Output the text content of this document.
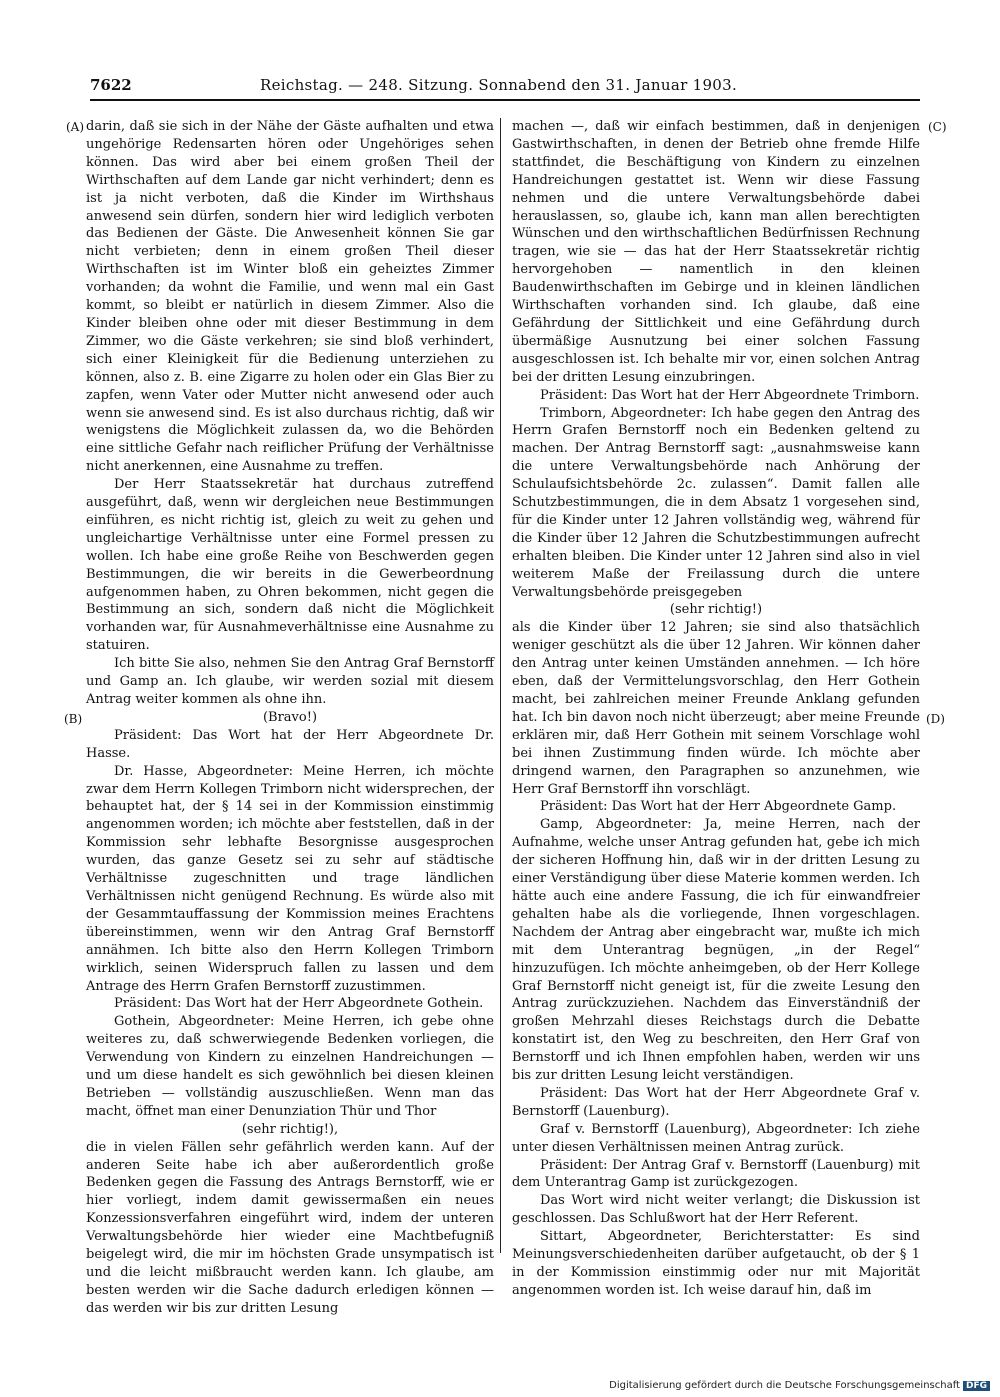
7622	Reichstag. — 248. Sitzung. Sonnabend den 31. Januar 1903.
(A)
(B)
(C)
(D)

darin, daß sie sich in der Nähe der Gäste aufhalten und etwa ungehörige Redensarten hören oder Ungehöriges sehen können. Das wird aber bei einem großen Theil der Wirthschaften auf dem Lande gar nicht verhindert; denn es ist ja nicht verboten, daß die Kinder im Wirthshaus anwesend sein dürfen, sondern hier wird lediglich verboten das Bedienen der Gäste. Die Anwesenheit können Sie gar nicht verbieten; denn in einem großen Theil dieser Wirthschaften ist im Winter bloß ein geheiztes Zimmer vorhanden; da wohnt die Familie, und wenn mal ein Gast kommt, so bleibt er natürlich in diesem Zimmer. Also die Kinder bleiben ohne oder mit dieser Bestimmung in dem Zimmer, wo die Gäste verkehren; sie sind bloß verhindert, sich einer Kleinigkeit für die Bedienung unterziehen zu können, also z. B. eine Zigarre zu holen oder ein Glas Bier zu zapfen, wenn Vater oder Mutter nicht anwesend oder auch wenn sie anwesend sind. Es ist also durchaus richtig, daß wir wenigstens die Möglichkeit zulassen da, wo die Behörden eine sittliche Gefahr nach reiflicher Prüfung der Verhältnisse nicht anerkennen, eine Ausnahme zu treffen.

Der Herr Staatssekretär hat durchaus zutreffend ausgeführt, daß, wenn wir dergleichen neue Bestimmungen einführen, es nicht richtig ist, gleich zu weit zu gehen und ungleichartige Verhältnisse unter eine Formel pressen zu wollen. Ich habe eine große Reihe von Beschwerden gegen Bestimmungen, die wir bereits in die Gewerbeordnung aufgenommen haben, zu Ohren bekommen, nicht gegen die Bestimmung an sich, sondern daß nicht die Möglichkeit vorhanden war, für Ausnahmeverhältnisse eine Ausnahme zu statuiren.

Ich bitte Sie also, nehmen Sie den Antrag Graf Bernstorff und Gamp an. Ich glaube, wir werden sozial mit diesem Antrag weiter kommen als ohne ihn.

(Bravo!)

Präsident: Das Wort hat der Herr Abgeordnete Dr. Hasse.

Dr. Hasse, Abgeordneter: Meine Herren, ich möchte zwar dem Herrn Kollegen Trimborn nicht widersprechen, der behauptet hat, der § 14 sei in der Kommission einstimmig angenommen worden; ich möchte aber feststellen, daß in der Kommission sehr lebhafte Besorgnisse ausgesprochen wurden, das ganze Gesetz sei zu sehr auf städtische Verhältnisse zugeschnitten und trage ländlichen Verhältnissen nicht genügend Rechnung. Es würde also mit der Gesammtauffassung der Kommission meines Erachtens übereinstimmen, wenn wir den Antrag Graf Bernstorff annähmen. Ich bitte also den Herrn Kollegen Trimborn wirklich, seinen Widerspruch fallen zu lassen und dem Antrage des Herrn Grafen Bernstorff zuzustimmen.

Präsident: Das Wort hat der Herr Abgeordnete Gothein.

Gothein, Abgeordneter: Meine Herren, ich gebe ohne weiteres zu, daß schwerwiegende Bedenken vorliegen, die Verwendung von Kindern zu einzelnen Handreichungen — und um diese handelt es sich gewöhnlich bei diesen kleinen Betrieben — vollständig auszuschließen. Wenn man das macht, öffnet man einer Denunziation Thür und Thor

(sehr richtig!),

die in vielen Fällen sehr gefährlich werden kann. Auf der anderen Seite habe ich aber außerordentlich große Bedenken gegen die Fassung des Antrags Bernstorff, wie er hier vorliegt, indem damit gewissermaßen ein neues Konzessionsverfahren eingeführt wird, indem der unteren Verwaltungsbehörde hier wieder eine Machtbefugniß beigelegt wird, die mir im höchsten Grade unsympatisch ist und die leicht mißbraucht werden kann. Ich glaube, am besten werden wir die Sache dadurch erledigen können — das werden wir bis zur dritten Lesung

machen —, daß wir einfach bestimmen, daß in denjenigen Gastwirthschaften, in denen der Betrieb ohne fremde Hilfe stattfindet, die Beschäftigung von Kindern zu einzelnen Handreichungen gestattet ist. Wenn wir diese Fassung nehmen und die untere Verwaltungsbehörde dabei herauslassen, so, glaube ich, kann man allen berechtigten Wünschen und den wirthschaftlichen Bedürfnissen Rechnung tragen, wie sie — das hat der Herr Staatssekretär richtig hervorgehoben — namentlich in den kleinen Baudenwirthschaften im Gebirge und in kleinen ländlichen Wirthschaften vorhanden sind. Ich glaube, daß eine Gefährdung der Sittlichkeit und eine Gefährdung durch übermäßige Ausnutzung bei einer solchen Fassung ausgeschlossen ist. Ich behalte mir vor, einen solchen Antrag bei der dritten Lesung einzubringen.

Präsident: Das Wort hat der Herr Abgeordnete Trimborn.

Trimborn, Abgeordneter: Ich habe gegen den Antrag des Herrn Grafen Bernstorff noch ein Bedenken geltend zu machen. Der Antrag Bernstorff sagt: „ausnahmsweise kann die untere Verwaltungsbehörde nach Anhörung der Schulaufsichtsbehörde 2c. zulassen“. Damit fallen alle Schutzbestimmungen, die in dem Absatz 1 vorgesehen sind, für die Kinder unter 12 Jahren vollständig weg, während für die Kinder über 12 Jahren die Schutzbestimmungen aufrecht erhalten bleiben. Die Kinder unter 12 Jahren sind also in viel weiterem Maße der Freilassung durch die untere Verwaltungsbehörde preisgegeben

(sehr richtig!)

als die Kinder über 12 Jahren; sie sind also thatsächlich weniger geschützt als die über 12 Jahren. Wir können daher den Antrag unter keinen Umständen annehmen. — Ich höre eben, daß der Vermittelungsvorschlag, den Herr Gothein macht, bei zahlreichen meiner Freunde Anklang gefunden hat. Ich bin davon noch nicht überzeugt; aber meine Freunde erklären mir, daß Herr Gothein mit seinem Vorschlage wohl bei ihnen Zustimmung finden würde. Ich möchte aber dringend warnen, den Paragraphen so anzunehmen, wie Herr Graf Bernstorff ihn vorschlägt.

Präsident: Das Wort hat der Herr Abgeordnete Gamp.

Gamp, Abgeordneter: Ja, meine Herren, nach der Aufnahme, welche unser Antrag gefunden hat, gebe ich mich der sicheren Hoffnung hin, daß wir in der dritten Lesung zu einer Verständigung über diese Materie kommen werden. Ich hätte auch eine andere Fassung, die ich für einwandfreier gehalten habe als die vorliegende, Ihnen vorgeschlagen. Nachdem der Antrag aber eingebracht war, mußte ich mich mit dem Unterantrag begnügen, „in der Regel“ hinzuzufügen. Ich möchte anheimgeben, ob der Herr Kollege Graf Bernstorff nicht geneigt ist, für die zweite Lesung den Antrag zurückzuziehen. Nachdem das Einverständniß der großen Mehrzahl dieses Reichstags durch die Debatte konstatirt ist, den Weg zu beschreiten, den Herr Graf von Bernstorff und ich Ihnen empfohlen haben, werden wir uns bis zur dritten Lesung leicht verständigen.

Präsident: Das Wort hat der Herr Abgeordnete Graf v. Bernstorff (Lauenburg).

Graf v. Bernstorff (Lauenburg), Abgeordneter: Ich ziehe unter diesen Verhältnissen meinen Antrag zurück.

Präsident: Der Antrag Graf v. Bernstorff (Lauenburg) mit dem Unterantrag Gamp ist zurückgezogen.

Das Wort wird nicht weiter verlangt; die Diskussion ist geschlossen. Das Schlußwort hat der Herr Referent.

Sittart, Abgeordneter, Berichterstatter: Es sind Meinungsverschiedenheiten darüber aufgetaucht, ob der § 1 in der Kommission einstimmig oder nur mit Majorität angenommen worden ist. Ich weise darauf hin, daß im

Digitalisierung gefördert durch die Deutsche Forschungsgemeinschaft DFG
